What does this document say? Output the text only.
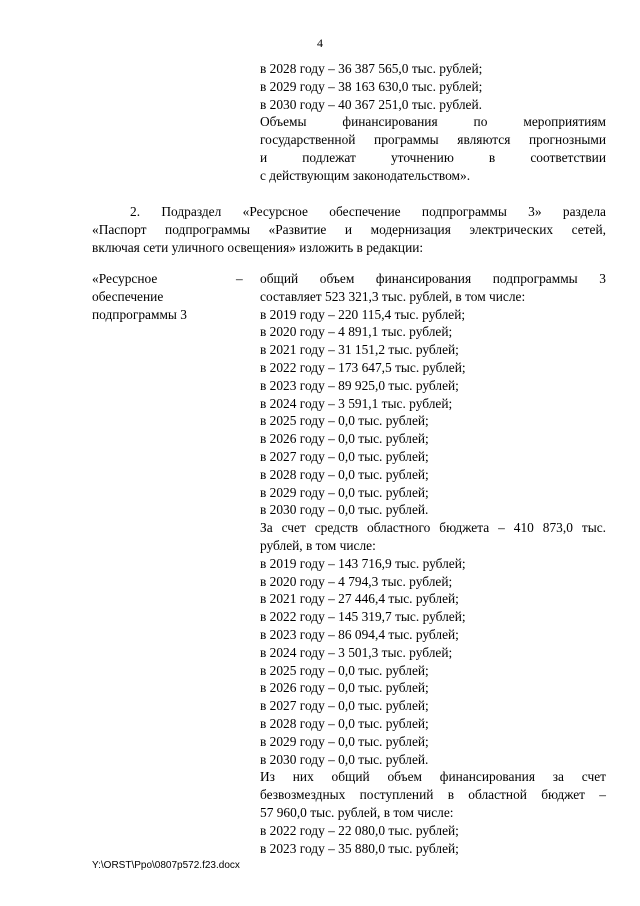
4
в 2028 году – 36 387 565,0 тыс. рублей;
в 2029 году – 38 163 630,0 тыс. рублей;
в 2030 году – 40 367 251,0 тыс. рублей.
Объемы финансирования по мероприятиям
государственной программы являются прогнозными
и подлежат уточнению в соответствии
с действующим законодательством».
2. Подраздел «Ресурсное обеспечение подпрограммы 3» раздела
«Паспорт подпрограммы «Развитие и модернизация электрических сетей,
включая сети уличного освещения» изложить в редакции:
«Ресурсное
обеспечение
подпрограммы 3
–	общий объем финансирования подпрограммы 3
составляет 523 321,3 тыс. рублей, в том числе:
в 2019 году – 220 115,4 тыс. рублей;
в 2020 году – 4 891,1 тыс. рублей;
в 2021 году – 31 151,2 тыс. рублей;
в 2022 году – 173 647,5 тыс. рублей;
в 2023 году – 89 925,0 тыс. рублей;
в 2024 году – 3 591,1 тыс. рублей;
в 2025 году – 0,0 тыс. рублей;
в 2026 году – 0,0 тыс. рублей;
в 2027 году – 0,0 тыс. рублей;
в 2028 году – 0,0 тыс. рублей;
в 2029 году – 0,0 тыс. рублей;
в 2030 году – 0,0 тыс. рублей.
За счет средств областного бюджета – 410 873,0 тыс.
рублей, в том числе:
в 2019 году – 143 716,9 тыс. рублей;
в 2020 году – 4 794,3 тыс. рублей;
в 2021 году – 27 446,4 тыс. рублей;
в 2022 году – 145 319,7 тыс. рублей;
в 2023 году – 86 094,4 тыс. рублей;
в 2024 году – 3 501,3 тыс. рублей;
в 2025 году – 0,0 тыс. рублей;
в 2026 году – 0,0 тыс. рублей;
в 2027 году – 0,0 тыс. рублей;
в 2028 году – 0,0 тыс. рублей;
в 2029 году – 0,0 тыс. рублей;
в 2030 году – 0,0 тыс. рублей.
Из них общий объем финансирования за счет
безвозмездных поступлений в областной бюджет –
57 960,0 тыс. рублей, в том числе:
в 2022 году – 22 080,0 тыс. рублей;
в 2023 году – 35 880,0 тыс. рублей;
Y:\ORST\Ppo\0807p572.f23.docx
